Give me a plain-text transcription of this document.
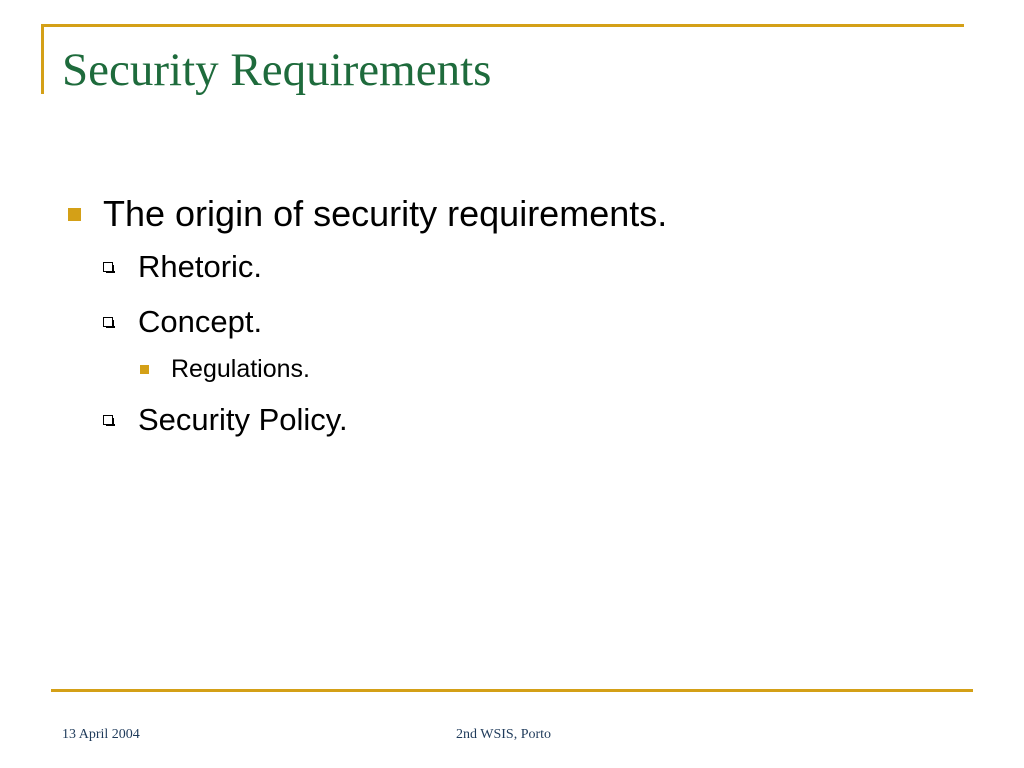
Security Requirements
The origin of security requirements.
Rhetoric.
Concept.
Regulations.
Security Policy.
13 April 2004	2nd WSIS, Porto
